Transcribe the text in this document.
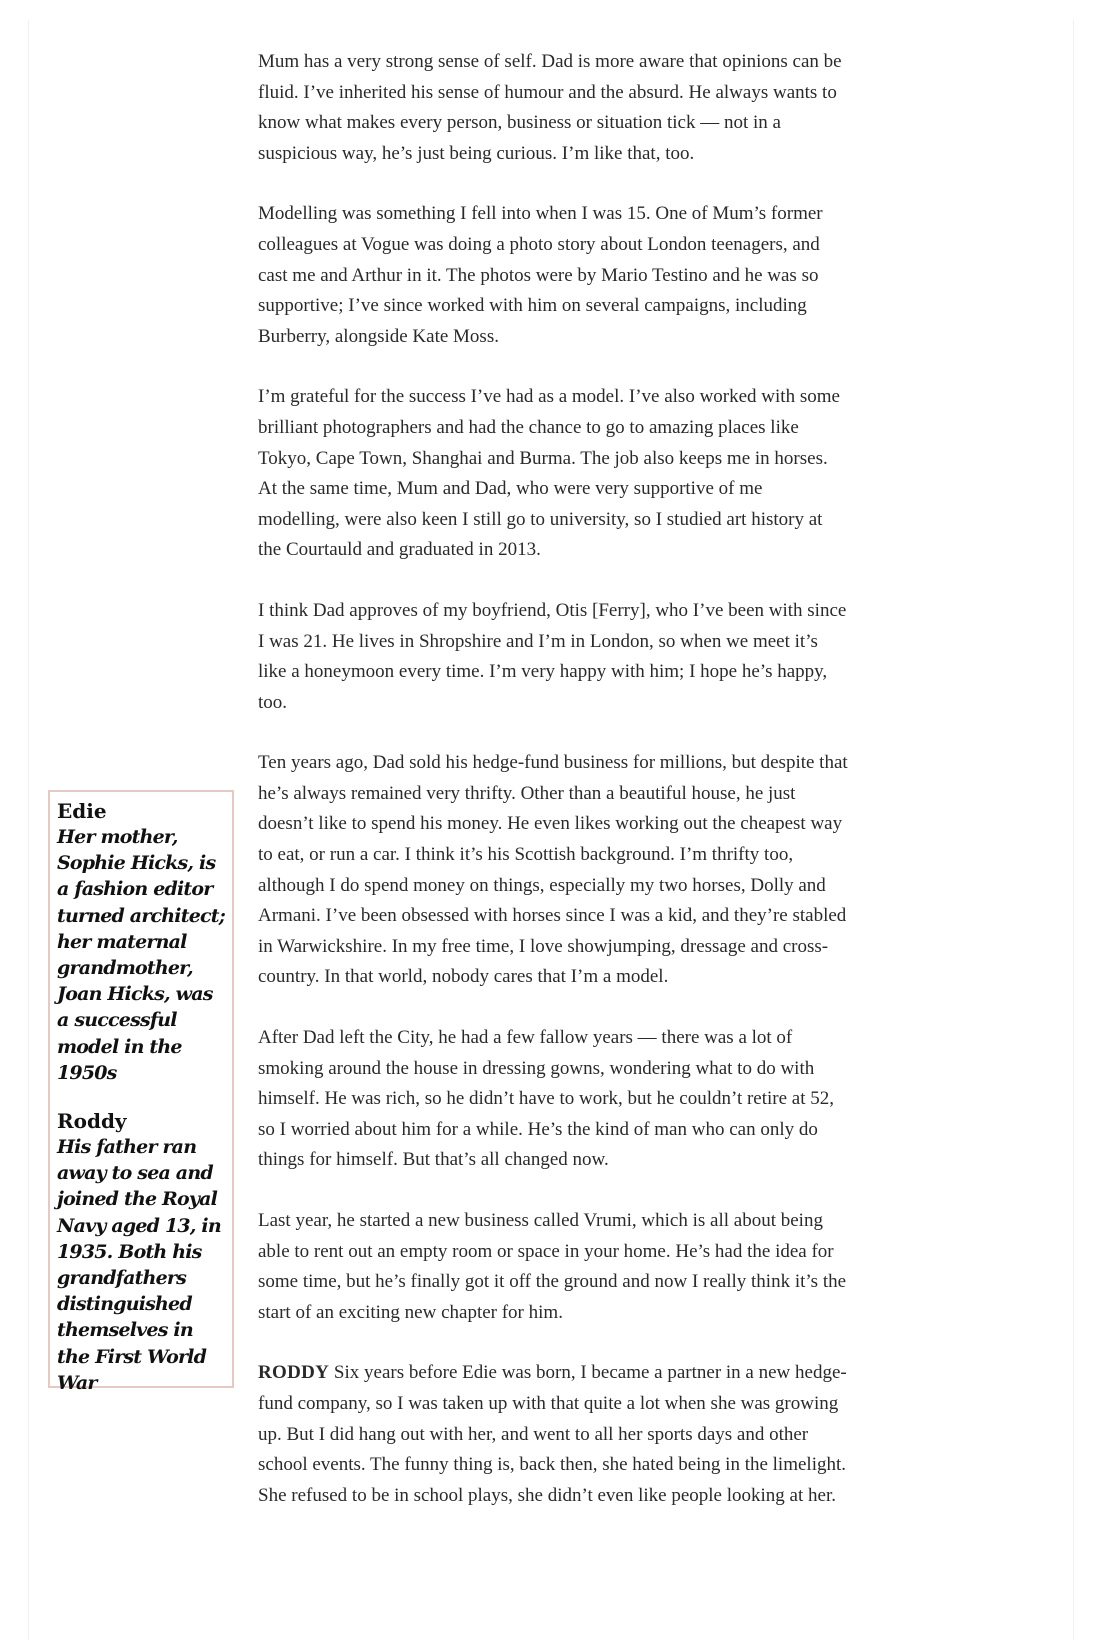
Mum has a very strong sense of self. Dad is more aware that opinions can be fluid. I’ve inherited his sense of humour and the absurd. He always wants to know what makes every person, business or situation tick — not in a suspicious way, he’s just being curious. I’m like that, too.

Modelling was something I fell into when I was 15. One of Mum’s former colleagues at Vogue was doing a photo story about London teenagers, and cast me and Arthur in it. The photos were by Mario Testino and he was so supportive; I’ve since worked with him on several campaigns, including Burberry, alongside Kate Moss.

I’m grateful for the success I’ve had as a model. I’ve also worked with some brilliant photographers and had the chance to go to amazing places like Tokyo, Cape Town, Shanghai and Burma. The job also keeps me in horses. At the same time, Mum and Dad, who were very supportive of me modelling, were also keen I still go to university, so I studied art history at the Courtauld and graduated in 2013.

I think Dad approves of my boyfriend, Otis [Ferry], who I’ve been with since I was 21. He lives in Shropshire and I’m in London, so when we meet it’s like a honeymoon every time. I’m very happy with him; I hope he’s happy, too.

Ten years ago, Dad sold his hedge-fund business for millions, but despite that he’s always remained very thrifty. Other than a beautiful house, he just doesn’t like to spend his money. He even likes working out the cheapest way to eat, or run a car. I think it’s his Scottish background. I’m thrifty too, although I do spend money on things, especially my two horses, Dolly and Armani. I’ve been obsessed with horses since I was a kid, and they’re stabled in Warwickshire. In my free time, I love showjumping, dressage and cross-country. In that world, nobody cares that I’m a model.

After Dad left the City, he had a few fallow years — there was a lot of smoking around the house in dressing gowns, wondering what to do with himself. He was rich, so he didn’t have to work, but he couldn’t retire at 52, so I worried about him for a while. He’s the kind of man who can only do things for himself. But that’s all changed now.

Last year, he started a new business called Vrumi, which is all about being able to rent out an empty room or space in your home. He’s had the idea for some time, but he’s finally got it off the ground and now I really think it’s the start of an exciting new chapter for him.

RODDY Six years before Edie was born, I became a partner in a new hedge-fund company, so I was taken up with that quite a lot when she was growing up. But I did hang out with her, and went to all her sports days and other school events. The funny thing is, back then, she hated being in the limelight. She refused to be in school plays, she didn’t even like people looking at her.

Edie
Her mother, Sophie Hicks, is a fashion editor turned architect; her maternal grandmother, Joan Hicks, was a successful model in the 1950s
Roddy
His father ran away to sea and joined the Royal Navy aged 13, in 1935. Both his grandfathers distinguished themselves in the First World War
